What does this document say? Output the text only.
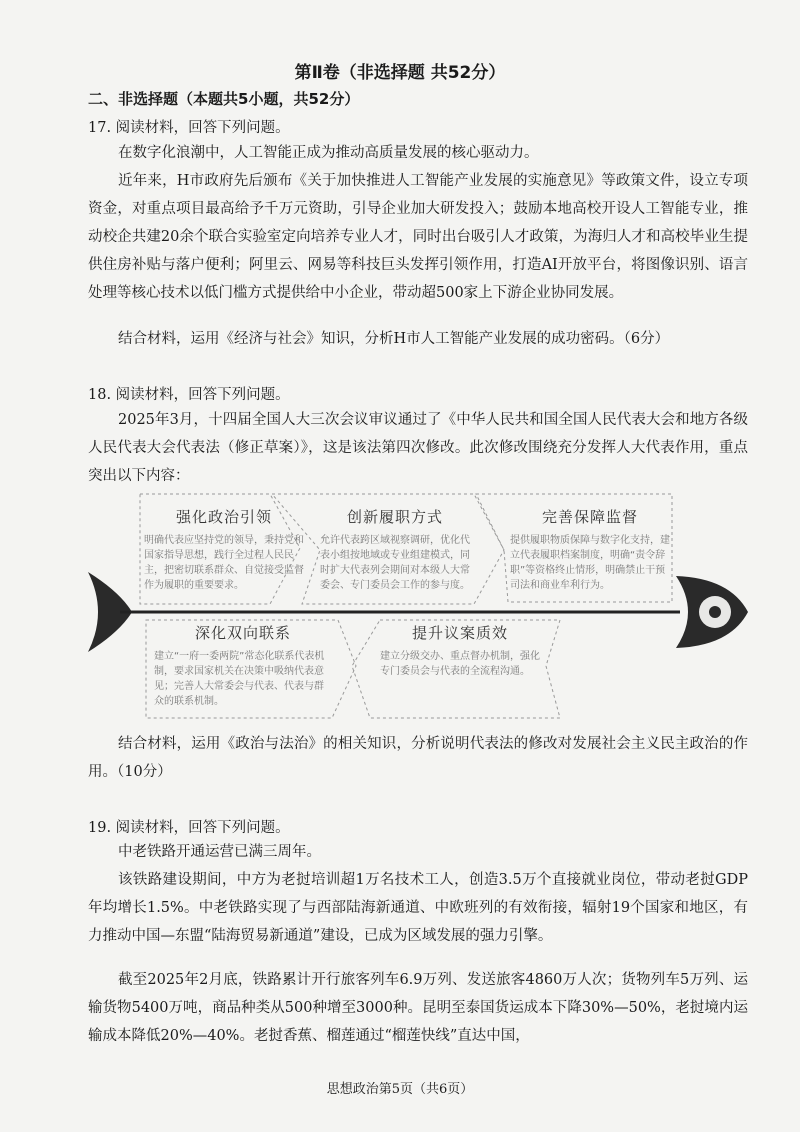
第Ⅱ卷（非选择题 共52分）
二、非选择题（本题共5小题，共52分）
17. 阅读材料，回答下列问题。

在数字化浪潮中，人工智能正成为推动高质量发展的核心驱动力。

近年来，H市政府先后颁布《关于加快推进人工智能产业发展的实施意见》等政策文件，设立专项资金，对重点项目最高给予千万元资助，引导企业加大研发投入；鼓励本地高校开设人工智能专业，推动校企共建20余个联合实验室定向培养专业人才，同时出台吸引人才政策，为海归人才和高校毕业生提供住房补贴与落户便利；阿里云、网易等科技巨头发挥引领作用，打造AI开放平台，将图像识别、语言处理等核心技术以低门槛方式提供给中小企业，带动超500家上下游企业协同发展。

结合材料，运用《经济与社会》知识，分析H市人工智能产业发展的成功密码。（6分）

18. 阅读材料，回答下列问题。

2025年3月，十四届全国人大三次会议审议通过了《中华人民共和国全国人民代表大会和地方各级人民代表大会代表法（修正草案）》，这是该法第四次修改。此次修改围绕充分发挥人大代表作用，重点突出以下内容：

强化政治引领
明确代表应坚持党的领导，秉持党和国家指导思想，践行全过程人民民主，把密切联系群众、自觉接受监督作为履职的重要要求。
创新履职方式
允许代表跨区域视察调研，优化代表小组按地域或专业组建模式，同时扩大代表列会期间对本级人大常委会、专门委员会工作的参与度。
完善保障监督
提供履职物质保障与数字化支持，建立代表履职档案制度，明确“责令辞职”等资格终止情形，明确禁止干预司法和商业牟利行为。
深化双向联系
建立“一府一委两院”常态化联系代表机制，要求国家机关在决策中吸纳代表意见；完善人大常委会与代表、代表与群众的联系机制。
提升议案质效
建立分级交办、重点督办机制，强化专门委员会与代表的全流程沟通。

结合材料，运用《政治与法治》的相关知识，分析说明代表法的修改对发展社会主义民主政治的作用。（10分）

19. 阅读材料，回答下列问题。

中老铁路开通运营已满三周年。

该铁路建设期间，中方为老挝培训超1万名技术工人，创造3.5万个直接就业岗位，带动老挝GDP年均增长1.5%。中老铁路实现了与西部陆海新通道、中欧班列的有效衔接，辐射19个国家和地区，有力推动中国—东盟“陆海贸易新通道”建设，已成为区域发展的强力引擎。

截至2025年2月底，铁路累计开行旅客列车6.9万列、发送旅客4860万人次；货物列车5万列、运输货物5400万吨，商品种类从500种增至3000种。昆明至泰国货运成本下降30%—50%，老挝境内运输成本降低20%—40%。老挝香蕉、榴莲通过“榴莲快线”直达中国，

思想政治第5页（共6页）
